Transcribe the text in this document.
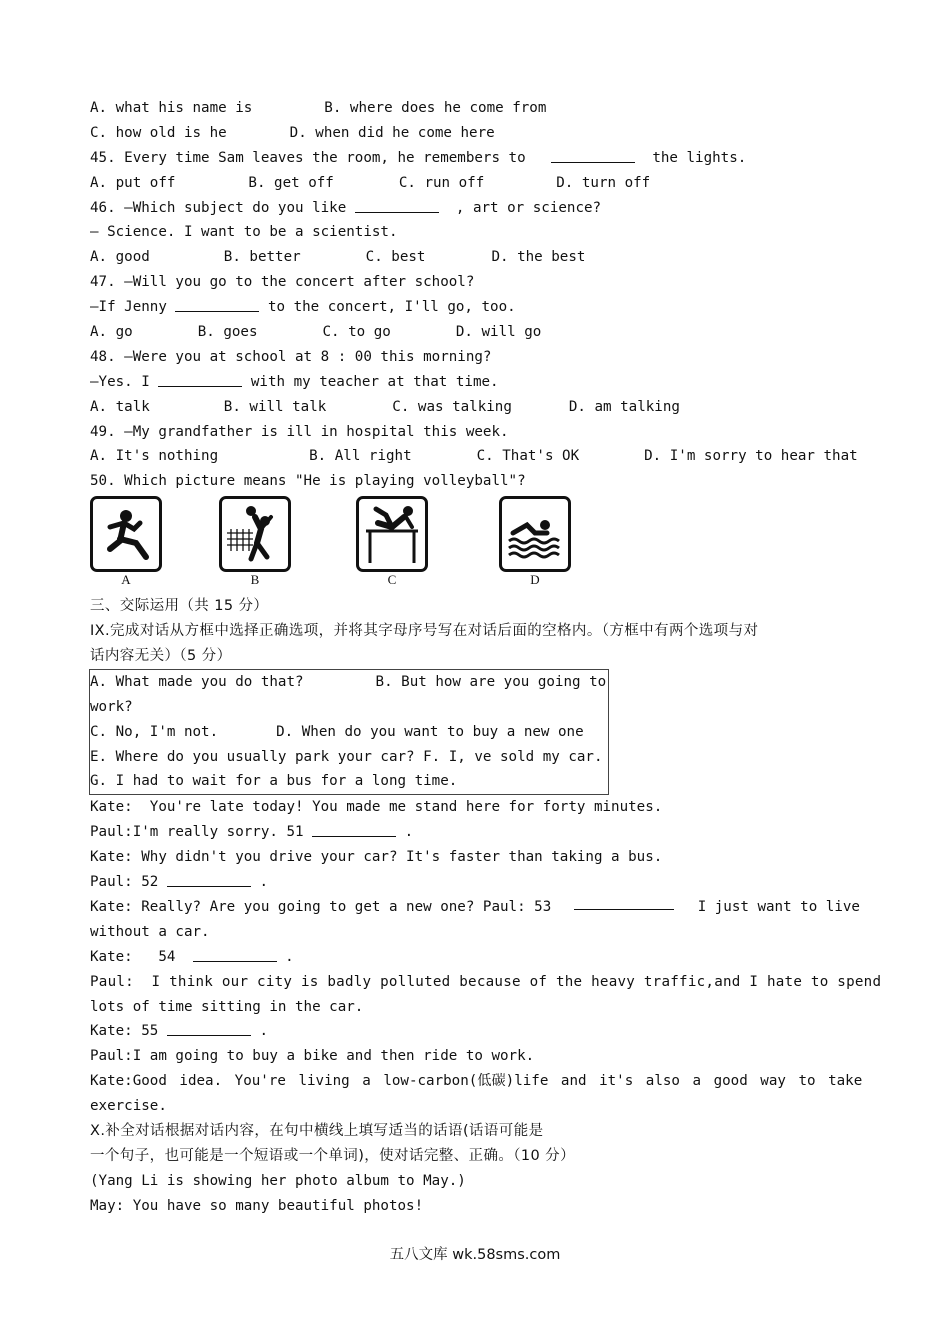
A. what his name is	B. where does he come from
C. how old is he	D. when did he come here
45. Every time Sam leaves the room, he remembers to	the lights.
A. put off	B. get off	C. run off	D. turn off
46. —Which subject do you like	, art or science?
— Science. I want to be a scientist.
A. good	B. better	C. best	D. the best
47. —Will you go to the concert after school?
—If Jenny	to the concert, I'll go, too.
A. go	B. goes	C. to go	D. will go
48. —Were you at school at 8 : 00 this morning?
—Yes. I	with my teacher at that time.
A. talk	B. will talk	C. was talking	D. am talking
49. —My grandfather is ill in hospital this week.
A. It's nothing	B. All right	C. That's OK	D. I'm sorry to hear that
50. Which picture means "He is playing volleyball"?
A	B	C	D
三、交际运用（共 15 分）
IX.完成对话从方框中选择正确选项，并将其字母序号写在对话后面的空格内。（方框中有两个选项与对
话内容无关）（5 分）
A. What made you do that?	B. But how are you going to
work?
C. No, I'm not.	D. When do you want to buy a new one
E. Where do you usually park your car? F. I, ve sold my car.
G. I had to wait for a bus for a long time.
Kate:  You're late today! You made me stand here for forty minutes.
Paul:I'm really sorry. 51	.
Kate: Why didn't you drive your car? It's faster than taking a bus.
Paul: 52	.
Kate: Really? Are you going to get a new one? Paul: 53	I just want to live
without a car.
Kate:   54	.
Paul:  I think our city is badly polluted because of the heavy traffic,and I hate to spend
lots of time sitting in the car.
Kate: 55	.
Paul:I am going to buy a bike and then ride to work.
Kate:Good idea. You're living a low-carbon(低碳)life and it's also a good way to take
exercise.
X.补全对话根据对话内容，在句中横线上填写适当的话语(话语可能是
一个句子，也可能是一个短语或一个单词)，使对话完整、正确。（10 分）
(Yang Li is showing her photo album to May.)
May: You have so many beautiful photos!
五八文库 wk.58sms.com
